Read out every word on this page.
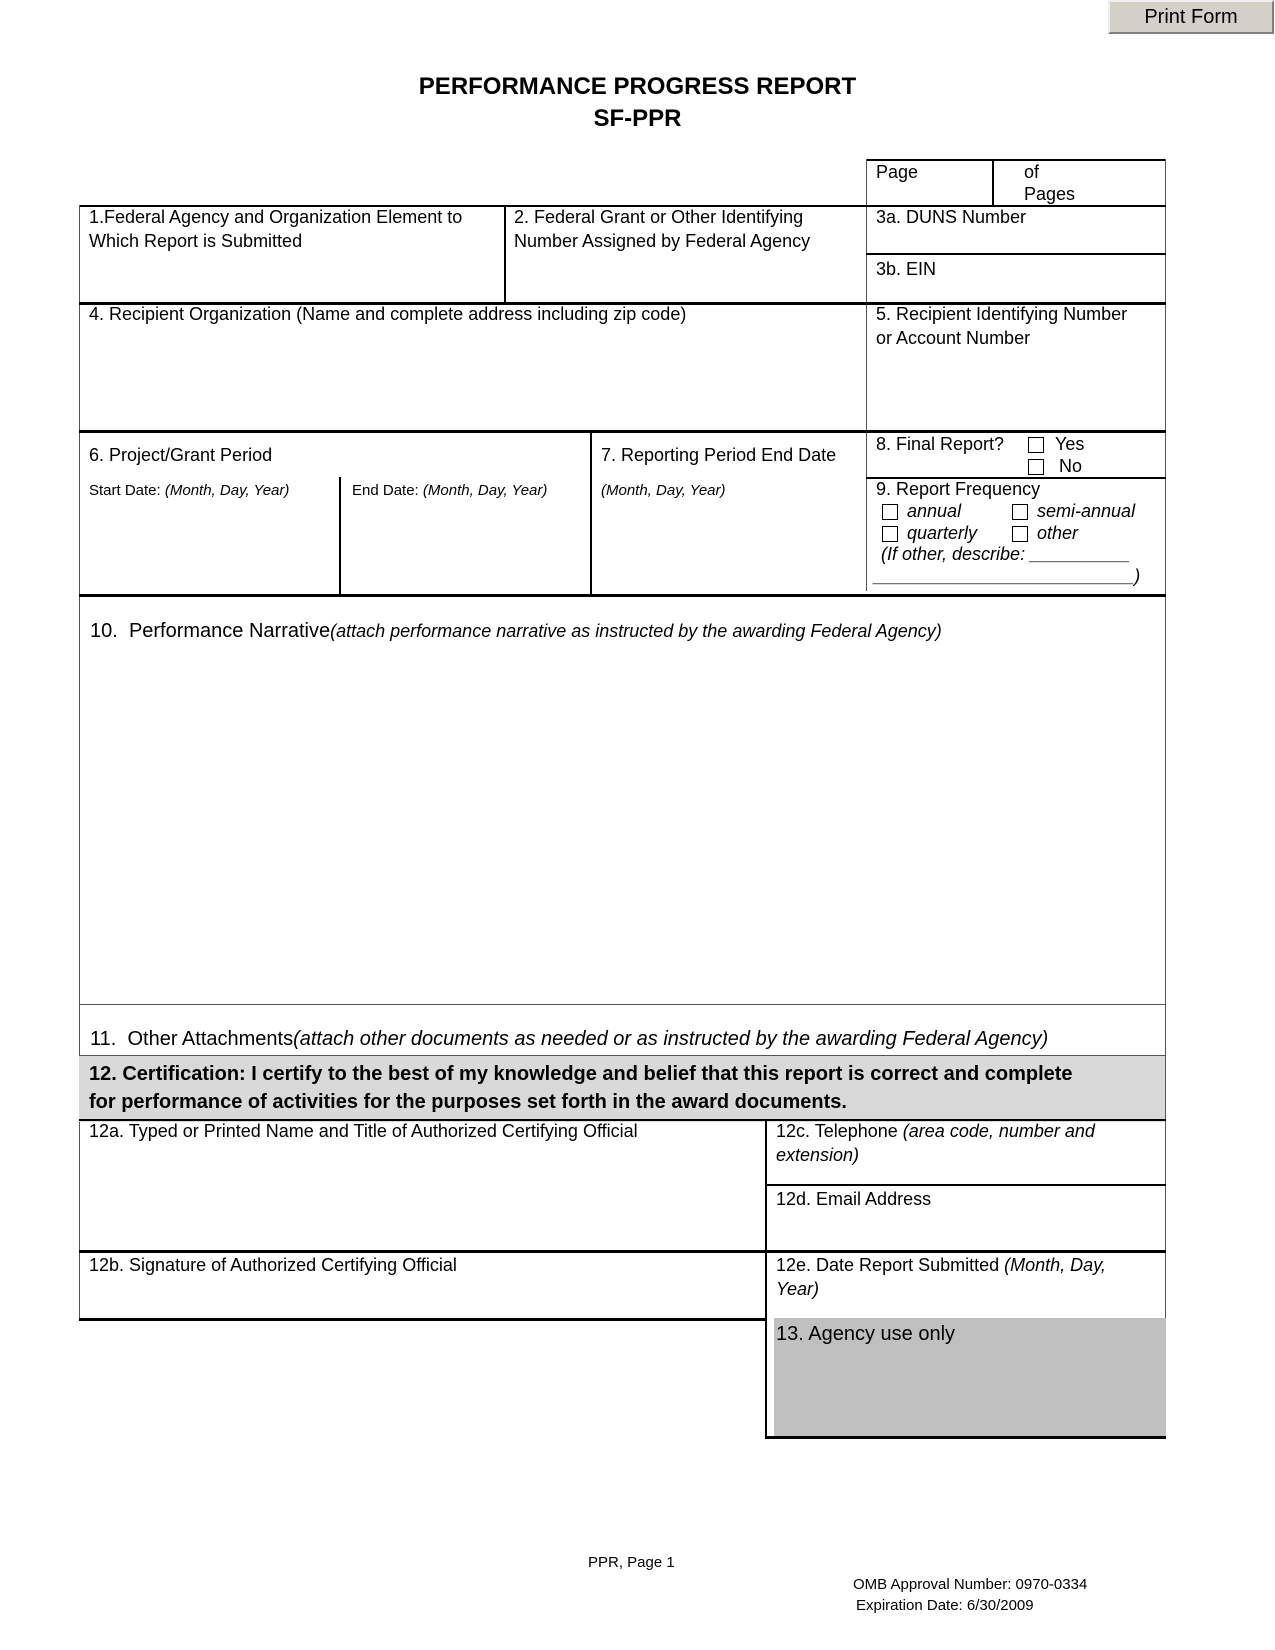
Print Form
PERFORMANCE PROGRESS REPORT
SF-PPR
Page	of
Pages
1.Federal Agency and Organization Element to
Which Report is Submitted
2. Federal Grant or Other Identifying
Number Assigned by Federal Agency
3a. DUNS Number
3b. EIN
4. Recipient Organization (Name and complete address including zip code)	5. Recipient Identifying Number
or Account Number
6. Project/Grant Period
Start Date: (Month, Day, Year)	End Date: (Month, Day, Year)
7. Reporting Period End Date
(Month, Day, Year)
8. Final Report?	Yes
No
9. Report Frequency
annual	semi-annual
quarterly	other
(If other, describe: __________
__________________________)
10. Performance Narrative(attach performance narrative as instructed by the awarding Federal Agency)
11. Other Attachments(attach other documents as needed or as instructed by the awarding Federal Agency)
12. Certification: I certify to the best of my knowledge and belief that this report is correct and complete
for performance of activities for the purposes set forth in the award documents.
12a. Typed or Printed Name and Title of Authorized Certifying Official	12c. Telephone (area code, number and
extension)
12d. Email Address
12b. Signature of Authorized Certifying Official	12e. Date Report Submitted (Month, Day,
Year)
13. Agency use only
PPR, Page 1
OMB Approval Number: 0970-0334
Expiration Date: 6/30/2009
